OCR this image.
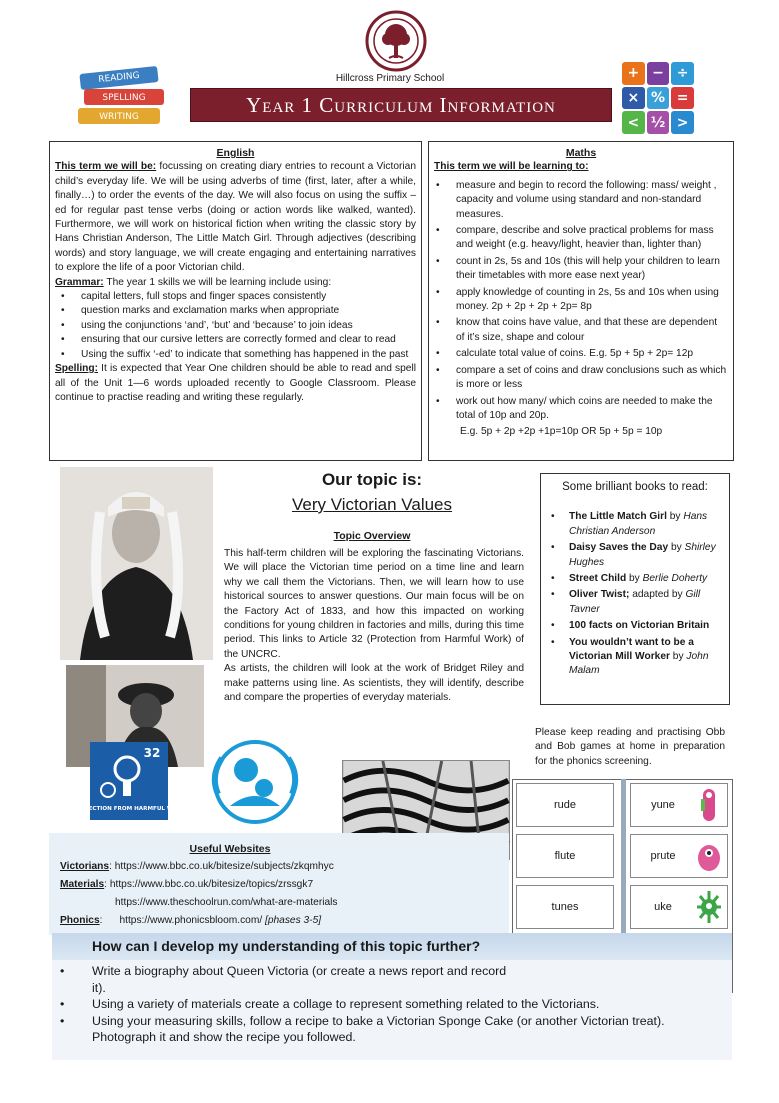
Hillcross Primary School
READING
SPELLING
WRITING
Year 1 Curriculum Information
+ − ÷
× % =
< ½ >
English

This term we will be: focussing on creating diary entries to recount a Victorian child’s everyday life. We will be using adverbs of time (first, later, after a while, finally…) to order the events of the day. We will also focus on using the suffix –ed for regular past tense verbs (doing or action words like walked, wanted). Furthermore, we will work on historical fiction when writing the classic story by Hans Christian Anderson, The Little Match Girl. Through adjectives (describing words) and story language, we will create engaging and entertaining narratives to explore the life of a poor Victorian child.

Grammar: The year 1 skills we will be learning include using:

• capital letters, full stops and finger spaces consistently
• question marks and exclamation marks when appropriate
• using the conjunctions ‘and’, ‘but’ and ‘because’ to join ideas
• ensuring that our cursive letters are correctly formed and clear to read
• Using the suffix ‘-ed’ to indicate that something has happened in the past

Spelling: It is expected that Year One children should be able to read and spell all of the Unit 1—6 words uploaded recently to Google Classroom. Please continue to practise reading and writing these regularly.

Maths

This term we will be learning to:

• measure and begin to record the following: mass/ weight , capacity and volume using standard and non-standard measures.
• compare, describe and solve practical problems for mass and weight (e.g. heavy/light, heavier than, lighter than)
• count in 2s, 5s and 10s (this will help your children to learn their timetables with more ease next year)
• apply knowledge of counting in 2s, 5s and 10s when using money. 2p + 2p + 2p + 2p= 8p
• know that coins have value, and that these are dependent of it’s size, shape and colour
• calculate total value of coins. E.g. 5p + 5p + 2p= 12p
• compare a set of coins and draw conclusions such as which is more or less
• work out how many/ which coins are needed to make the total of 10p and 20p.

E.g. 5p + 2p +2p +1p=10p OR 5p + 5p = 10p

32
PROTECTION FROM HARMFUL WORK
Our topic is:
Very Victorian Values
Topic Overview

This half-term children will be exploring the fascinating Victorians. We will place the Victorian time period on a time line and learn why we call them the Victorians. Then, we will learn how to use historical sources to answer questions. Our main focus will be on the Factory Act of 1833, and how this impacted on working conditions for young children in factories and mills, during this time period. This links to Article 32 (Protection from Harmful Work) of the UNCRC.

As artists, the children will look at the work of Bridget Riley and make patterns using line. As scientists, they will identify, describe and compare the properties of everyday materials.

Some brilliant books to read:
• The Little Match Girl by Hans Christian Anderson
• Daisy Saves the Day by Shirley Hughes
• Street Child by Berlie Doherty
• Oliver Twist; adapted by Gill Tavner
• 100 facts on Victorian Britain
• You wouldn’t want to be a Victorian Mill Worker by John Malam
Please keep reading and practising Obb and Bob games at home in preparation for the phonics screening.
rude
flute
tunes
yune
prute
uke
Useful Websites
Victorians: https://www.bbc.co.uk/bitesize/subjects/zkqmhyc
Materials: https://www.bbc.co.uk/bitesize/topics/zrssgk7
https://www.theschoolrun.com/what-are-materials
Phonics:      https://www.phonicsbloom.com/ [phases 3-5]
How can I develop my understanding of this topic further?
• Write a biography about Queen Victoria (or create a news report and record it).
• Using a variety of materials create a collage to represent something related to the Victorians.
• Using your measuring skills, follow a recipe to bake a Victorian Sponge Cake (or another Victorian treat). Photograph it and show the recipe you followed.
